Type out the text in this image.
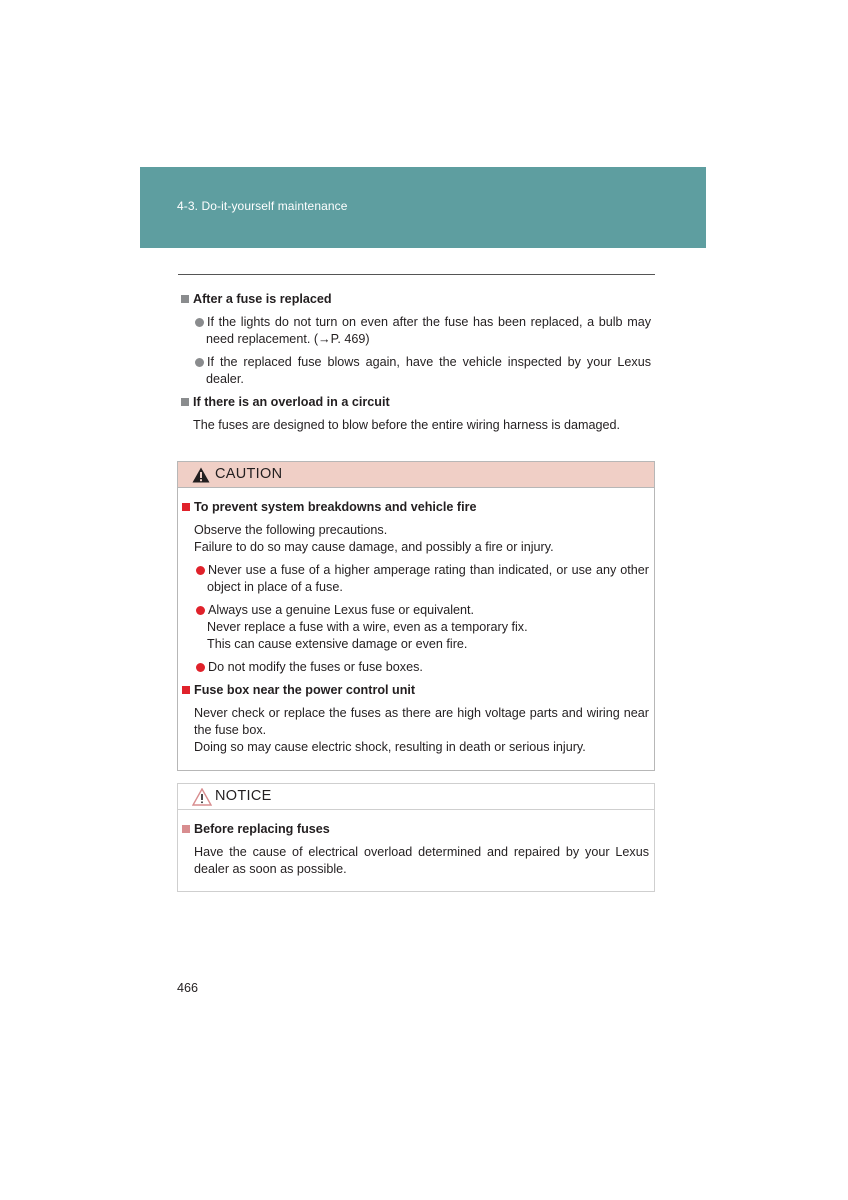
4-3. Do-it-yourself maintenance
After a fuse is replaced
If the lights do not turn on even after the fuse has been replaced, a bulb may need replacement. (→P. 469)
If the replaced fuse blows again, have the vehicle inspected by your Lexus dealer.
If there is an overload in a circuit
The fuses are designed to blow before the entire wiring harness is damaged.
CAUTION
To prevent system breakdowns and vehicle fire
Observe the following precautions.
Failure to do so may cause damage, and possibly a fire or injury.
Never use a fuse of a higher amperage rating than indicated, or use any other object in place of a fuse.
Always use a genuine Lexus fuse or equivalent.
Never replace a fuse with a wire, even as a temporary fix.
This can cause extensive damage or even fire.
Do not modify the fuses or fuse boxes.
Fuse box near the power control unit
Never check or replace the fuses as there are high voltage parts and wiring near the fuse box.
Doing so may cause electric shock, resulting in death or serious injury.
NOTICE
Before replacing fuses
Have the cause of electrical overload determined and repaired by your Lexus dealer as soon as possible.
466
